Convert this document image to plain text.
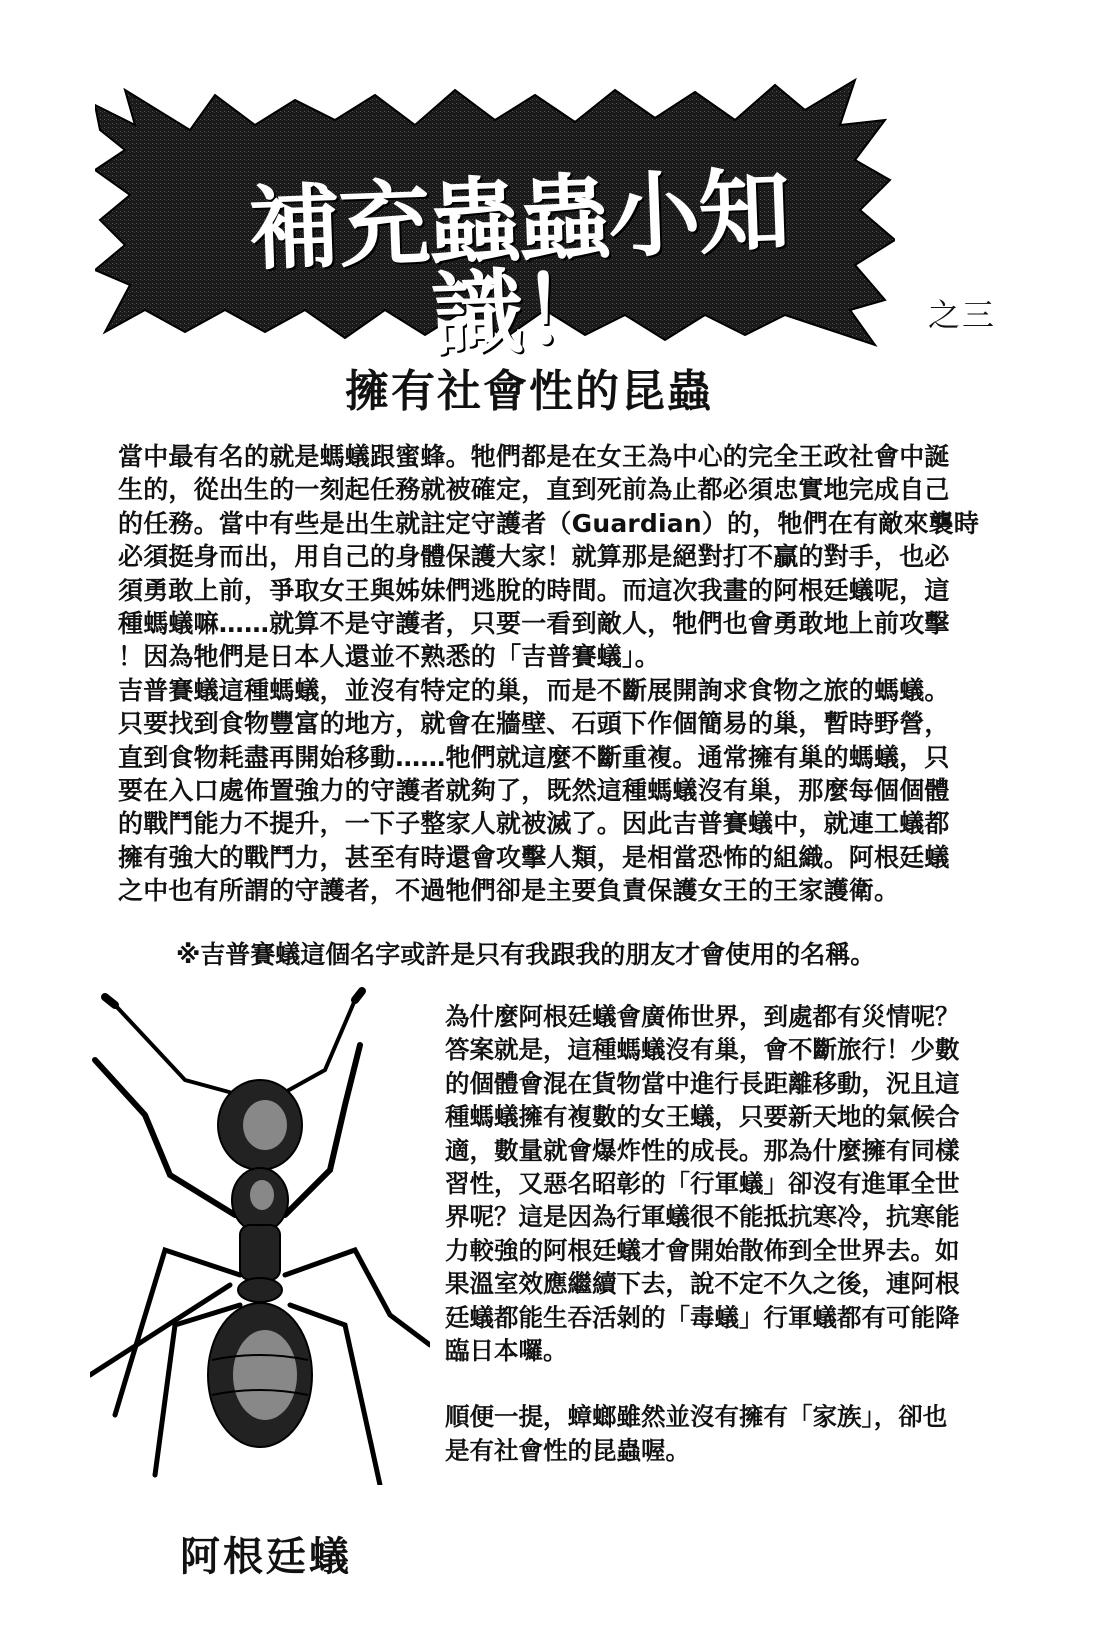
補充蟲蟲小知識！	之三
擁有社會性的昆蟲

當中最有名的就是螞蟻跟蜜蜂。牠們都是在女王為中心的完全王政社會中誕

生的，從出生的一刻起任務就被確定，直到死前為止都必須忠實地完成自己

的任務。當中有些是出生就註定守護者（Guardian）的，牠們在有敵來襲時

必須挺身而出，用自己的身體保護大家！就算那是絕對打不贏的對手，也必

須勇敢上前，爭取女王與姊妹們逃脫的時間。而這次我畫的阿根廷蟻呢，這

種螞蟻嘛……就算不是守護者，只要一看到敵人，牠們也會勇敢地上前攻擊

！因為牠們是日本人還並不熟悉的「吉普賽蟻」。

吉普賽蟻這種螞蟻，並沒有特定的巢，而是不斷展開詢求食物之旅的螞蟻。

只要找到食物豐富的地方，就會在牆壁、石頭下作個簡易的巢，暫時野營，

直到食物耗盡再開始移動……牠們就這麼不斷重複。通常擁有巢的螞蟻，只

要在入口處佈置強力的守護者就夠了，既然這種螞蟻沒有巢，那麼每個個體

的戰鬥能力不提升，一下子整家人就被滅了。因此吉普賽蟻中，就連工蟻都

擁有強大的戰鬥力，甚至有時還會攻擊人類，是相當恐怖的組織。阿根廷蟻

之中也有所謂的守護者，不過牠們卻是主要負責保護女王的王家護衛。

※吉普賽蟻這個名字或許是只有我跟我的朋友才會使用的名稱。
阿根廷蟻

為什麼阿根廷蟻會廣佈世界，到處都有災情呢？

答案就是，這種螞蟻沒有巢，會不斷旅行！少數

的個體會混在貨物當中進行長距離移動，況且這

種螞蟻擁有複數的女王蟻，只要新天地的氣候合

適，數量就會爆炸性的成長。那為什麼擁有同樣

習性，又惡名昭彰的「行軍蟻」卻沒有進軍全世

界呢？這是因為行軍蟻很不能抵抗寒冷，抗寒能

力較強的阿根廷蟻才會開始散佈到全世界去。如

果溫室效應繼續下去，說不定不久之後，連阿根

廷蟻都能生吞活剝的「毒蟻」行軍蟻都有可能降

臨日本囉。

順便一提，蟑螂雖然並沒有擁有「家族」，卻也

是有社會性的昆蟲喔。
